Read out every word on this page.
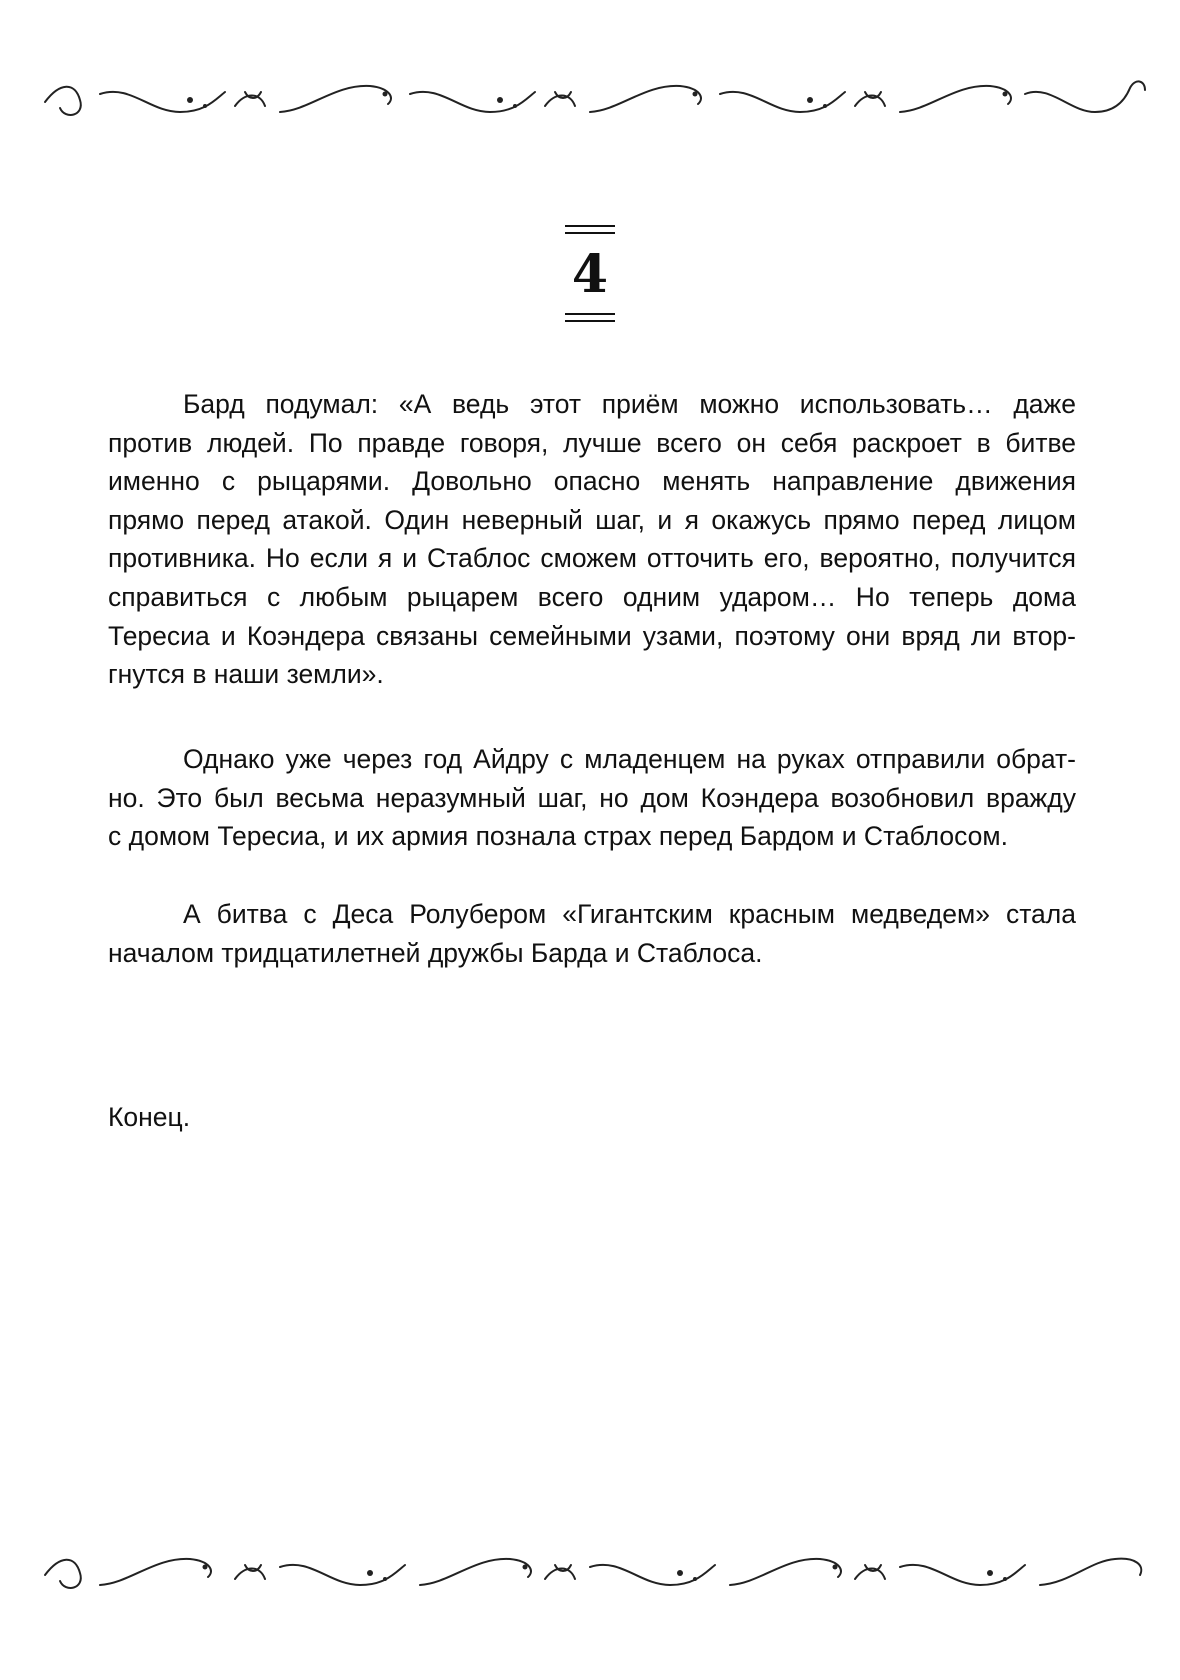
4
Бард подумал: «А ведь этот приём можно использовать… даже
против людей. По правде говоря, лучше всего он себя раскроет в битве
именно с рыцарями. Довольно опасно менять направление движения
прямо перед атакой. Один неверный шаг, и я окажусь прямо перед лицом
противника. Но если я и Стаблос сможем отточить его, вероятно, получится
справиться с любым рыцарем всего одним ударом… Но теперь дома
Тересиа и Коэндера связаны семейными узами, поэтому они вряд ли втор-
гнутся в наши земли».
Однако уже через год Айдру с младенцем на руках отправили обрат-
но. Это был весьма неразумный шаг, но дом Коэндера возобновил вражду
с домом Тересиа, и их армия познала страх перед Бардом и Стаблосом.
А битва с Деса Ролубером «Гигантским красным медведем» стала
началом тридцатилетней дружбы Барда и Стаблоса.
Конец.
